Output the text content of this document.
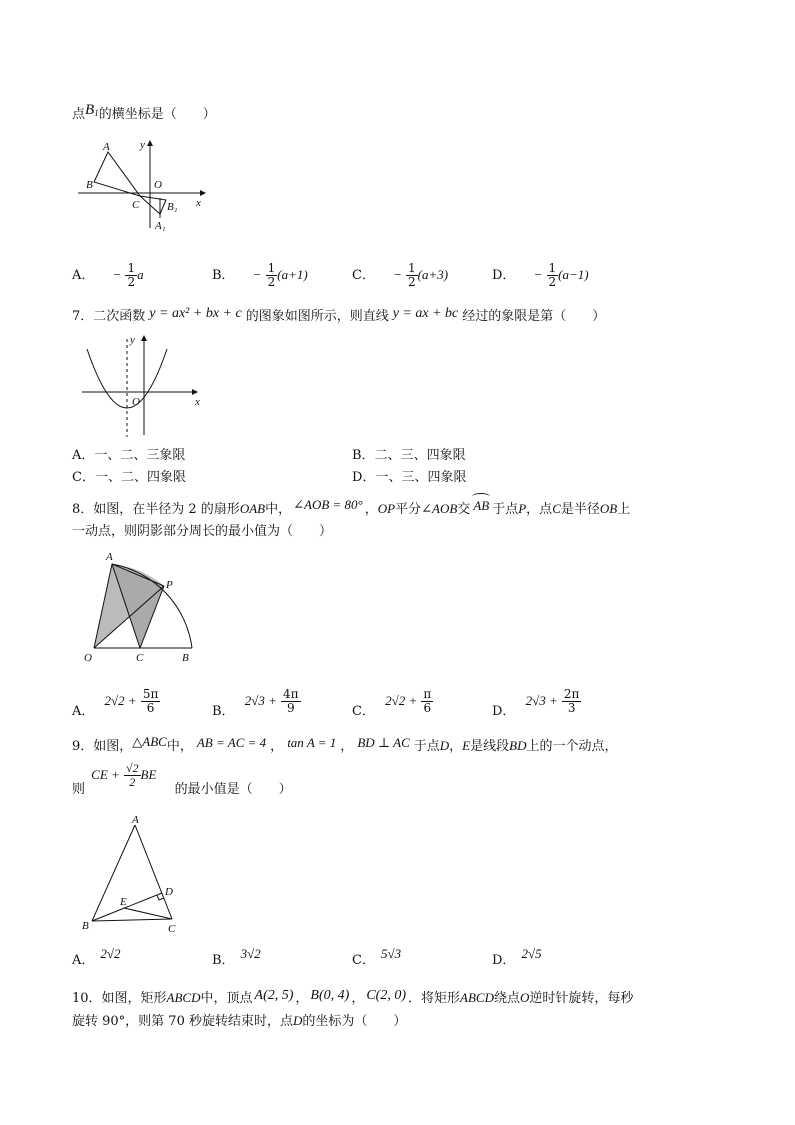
点B1的横坐标是（　　）
A
B
C
O
y
x
B₁
A₁
A． − $\frac{1}{2}$ a	B． − $\frac{1}{2} (a+1)$	C． − $\frac{1}{2} (a+3)$	D． − $\frac{1}{2} (a-1)$
7．二次函数 y = ax² + bx + c 的图象如图所示，则直线 y = ax + bc 经过的象限是第（　　）
y
x
O
A．一、二、三象限	B．二、三、四象限
C．一、二、四象限	D．一、三、四象限
8．如图，在半径为 2 的扇形OAB中， ∠AOB = 80° ，OP平分∠AOB交 AB 于点P，点C是半径OB上
一动点，则阴影部分周长的最小值为（　　）
A
P
O	C	B
A． $2√2 + \frac{5\pi}{6}$	B． $2√3 + \frac{4\pi}{9}$	C． $2√2 + \frac{\pi}{6}$	D． $2√3 + \frac{2\pi}{3}$
9．如图，△ABC中， AB = AC = 4 ， tan A = 1 ， BD ⊥ AC 于点D，E是线段BD上的一个动点，
则 CE + $\frac{√2}{2}$ BE 的最小值是（　　）
A
D
E
B	C
A． 2√2	B． 3√2	C． 5√3	D． 2√5
10．如图，矩形ABCD中，顶点 A(2, 5) ， B(0, 4) ， C(2, 0) ．将矩形ABCD绕点O逆时针旋转，每秒
旋转 90°，则第 70 秒旋转结束时，点D的坐标为（　　）
